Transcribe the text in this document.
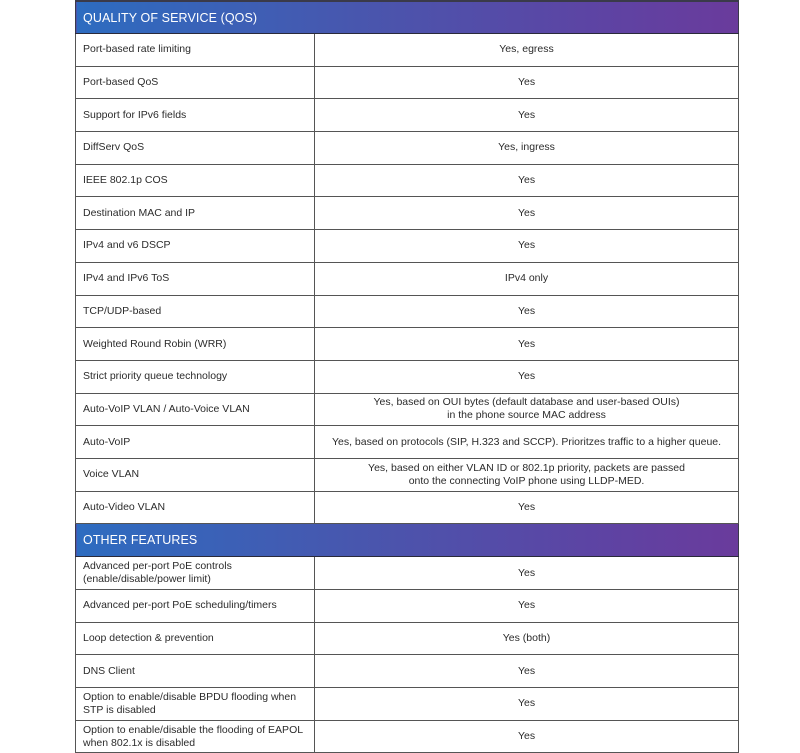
QUALITY OF SERVICE (QOS)	

Port-based rate limiting	Yes, egress

Port-based QoS	Yes

Support for IPv6 fields	Yes

DiffServ QoS	Yes, ingress

IEEE 802.1p COS	Yes

Destination MAC and IP	Yes

IPv4 and v6 DSCP	Yes

IPv4 and IPv6 ToS	IPv4 only

TCP/UDP-based	Yes

Weighted Round Robin (WRR)	Yes

Strict priority queue technology	Yes

Auto-VoIP VLAN / Auto-Voice VLAN	Yes, based on OUI bytes (default database and user-based OUIs)
in the phone source MAC address

Auto-VoIP	Yes, based on protocols (SIP, H.323 and SCCP). Prioritzes traffic to a higher queue.

Voice VLAN	Yes, based on either VLAN ID or 802.1p priority, packets are passed
onto the connecting VoIP phone using LLDP-MED.

Auto-Video VLAN	Yes

OTHER FEATURES	

Advanced per-port PoE controls
(enable/disable/power limit)	Yes

Advanced per-port PoE scheduling/timers	Yes

Loop detection & prevention	Yes (both)

DNS Client	Yes

Option to enable/disable BPDU flooding when
STP is disabled	Yes

Option to enable/disable the flooding of EAPOL
when 802.1x is disabled	Yes
